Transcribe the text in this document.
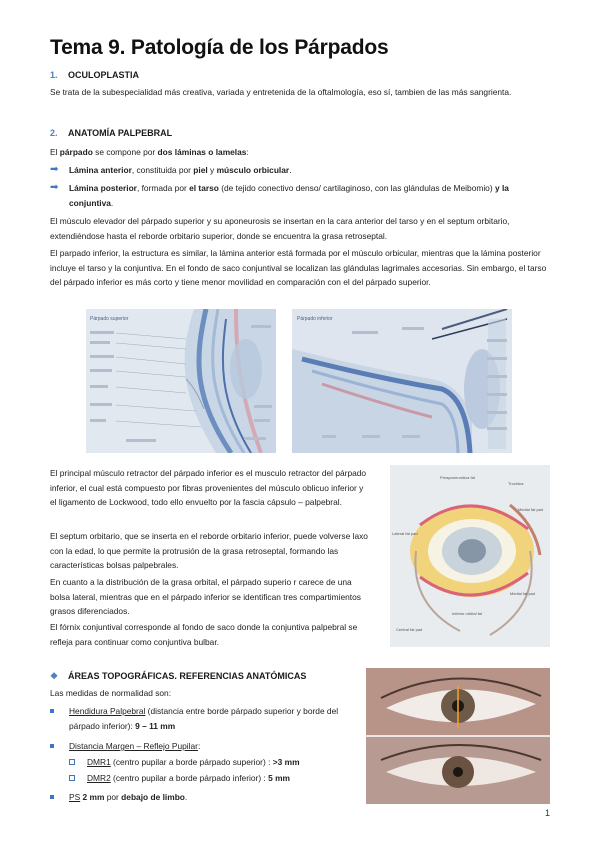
Tema 9. Patología de los Párpados
1. OCULOPLASTIA

Se trata de la subespecialidad más creativa, variada y entretenida de la oftalmología, eso sí, tambien de las más sangrienta.

2. ANATOMÍA PALPEBRAL

El párpado se compone por dos láminas o lamelas:

➡ Lámina anterior, constituida por piel y músculo orbicular.
➡ Lámina posterior, formada por el tarso (de tejido conectivo denso/ cartilaginoso, con las glándulas de Meibomio) y la conjuntiva.

El músculo elevador del párpado superior y su aponeurosis se insertan en la cara anterior del tarso y en el septum orbitario, extendiéndose hasta el reborde orbitario superior, donde se encuentra la grasa retroseptal.

El parpado inferior, la estructura es similar, la lámina anterior está formada por el músculo orbicular, mientras que la lámina posterior incluye el tarso y la conjuntiva. En el fondo de saco conjuntival se localizan las glándulas lagrimales accesorias. Sin embargo, el tarso del párpado inferior es más corto y tiene menor movilidad en comparación con el del párpado superior.

Párpado superior	Párpado inferior

El principal músculo retractor del párpado inferior es el musculo retractor del párpado inferior, el cual está compuesto por fibras provenientes del músculo oblicuo inferior y el ligamento de Lockwood, todo ello envuelto por la fascia cápsulo – palpebral.

El septum orbitario, que se inserta en el reborde orbitario inferior, puede volverse laxo con la edad, lo que permite la protrusión de la grasa retroseptal, formando las características bolsas palpebrales.

En cuanto a la distribución de la grasa orbital, el párpado superio r carece de una bolsa lateral, mientras que en el párpado inferior se identifican tres compartimientos grasos diferenciados.

El fórnix conjuntival corresponde al fondo de saco donde la conjuntiva palpebral se refleja para continuar como conjuntiva bulbar.

Preaponeurótica fat
Trochlea
Medial fat pad
Lateral fat pad
Inferior orbital fat
Medial fat pad
Central fat pad
❖ ÁREAS TOPOGRÁFICAS. REFERENCIAS ANATÓMICAS

Las medidas de normalidad son:

Hendidura Palpebral (distancia entre borde párpado superior y borde del párpado inferior): 9 – 11 mm
Distancia Margen – Reflejo Pupilar:
DMR1 (centro pupilar a borde párpado superior) : >3 mm
DMR2 (centro pupilar a borde párpado inferior) : 5 mm
PS 2 mm por debajo de limbo.
1
